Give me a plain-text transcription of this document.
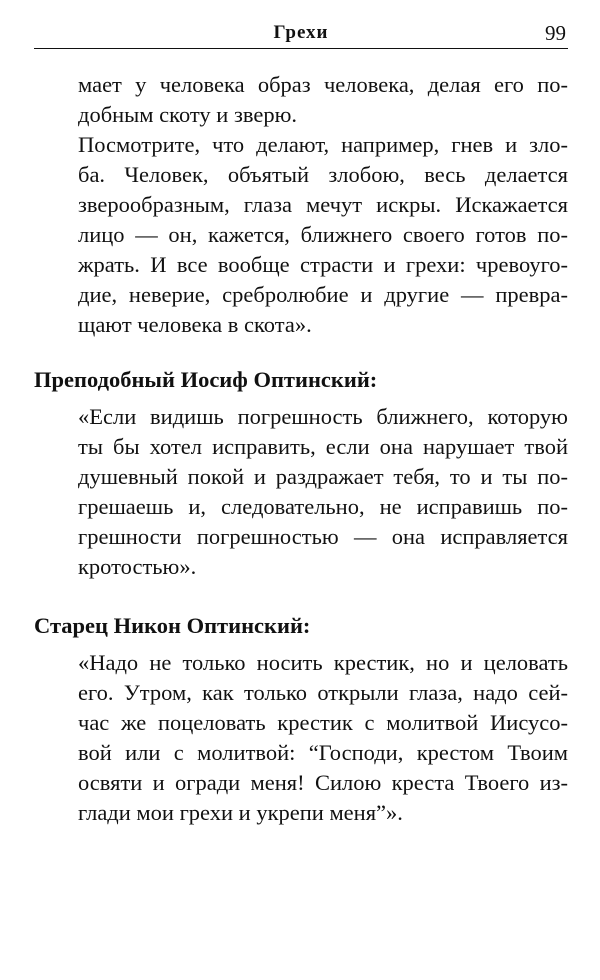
Грехи	99
мает у человека образ человека, делая его по-
добным скоту и зверю.
Посмотрите, что делают, например, гнев и зло-
ба. Человек, объятый злобою, весь делается
зверообразным, глаза мечут искры. Искажается
лицо — он, кажется, ближнего своего готов по-
жрать. И все вообще страсти и грехи: чревоуго-
дие, неверие, сребролюбие и другие — превра-
щают человека в скота».
Преподобный Иосиф Оптинский:
«Если видишь погрешность ближнего, которую
ты бы хотел исправить, если она нарушает твой
душевный покой и раздражает тебя, то и ты по-
грешаешь и, следовательно, не исправишь по-
грешности погрешностью — она исправляется
кротостью».
Старец Никон Оптинский:
«Надо не только носить крестик, но и целовать
его. Утром, как только открыли глаза, надо сей-
час же поцеловать крестик с молитвой Иисусо-
вой или с молитвой: “Господи, крестом Твоим
освяти и огради меня! Силою креста Твоего из-
глади мои грехи и укрепи меня”».
